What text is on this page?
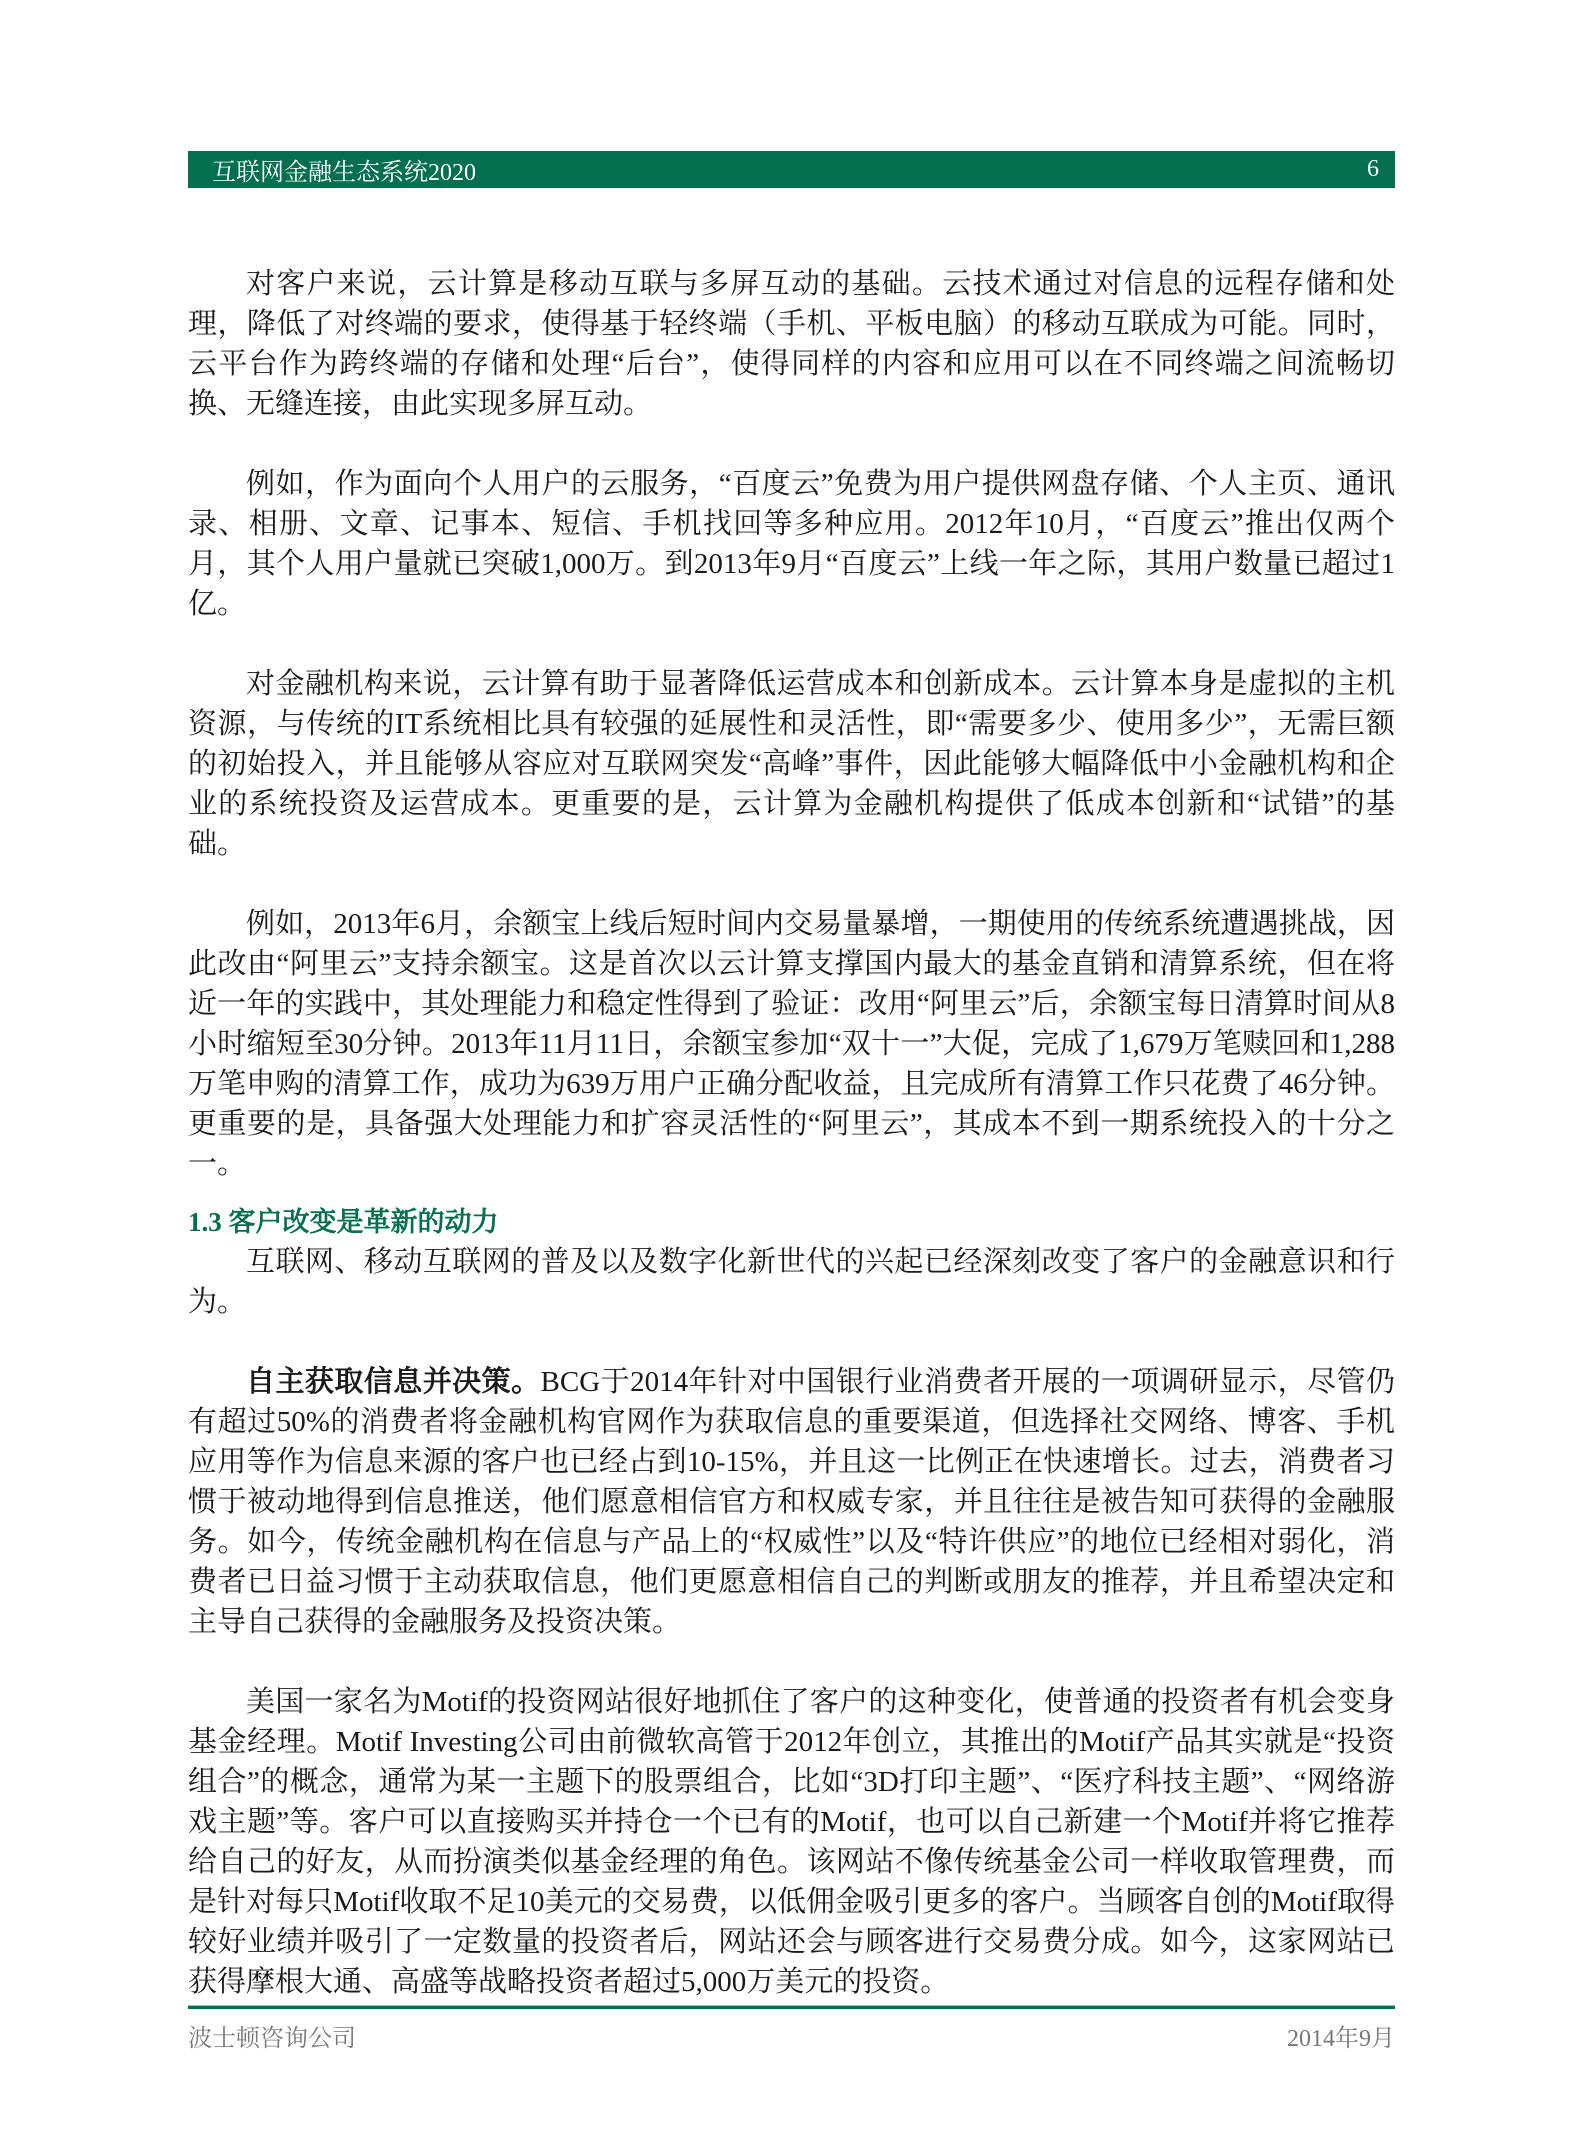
互联网金融生态系统2020	6

对客户来说，云计算是移动互联与多屏互动的基础。云技术通过对信息的远程存储和处理，降低了对终端的要求，使得基于轻终端（手机、平板电脑）的移动互联成为可能。同时，云平台作为跨终端的存储和处理“后台”，使得同样的内容和应用可以在不同终端之间流畅切换、无缝连接，由此实现多屏互动。

例如，作为面向个人用户的云服务，“百度云”免费为用户提供网盘存储、个人主页、通讯录、相册、文章、记事本、短信、手机找回等多种应用。2012年10月，“百度云”推出仅两个月，其个人用户量就已突破1,000万。到2013年9月“百度云”上线一年之际，其用户数量已超过1亿。

对金融机构来说，云计算有助于显著降低运营成本和创新成本。云计算本身是虚拟的主机资源，与传统的IT系统相比具有较强的延展性和灵活性，即“需要多少、使用多少”，无需巨额的初始投入，并且能够从容应对互联网突发“高峰”事件，因此能够大幅降低中小金融机构和企业的系统投资及运营成本。更重要的是，云计算为金融机构提供了低成本创新和“试错”的基础。

例如，2013年6月，余额宝上线后短时间内交易量暴增，一期使用的传统系统遭遇挑战，因此改由“阿里云”支持余额宝。这是首次以云计算支撑国内最大的基金直销和清算系统，但在将近一年的实践中，其处理能力和稳定性得到了验证：改用“阿里云”后，余额宝每日清算时间从8小时缩短至30分钟。2013年11月11日，余额宝参加“双十一”大促，完成了1,679万笔赎回和1,288万笔申购的清算工作，成功为639万用户正确分配收益，且完成所有清算工作只花费了46分钟。更重要的是，具备强大处理能力和扩容灵活性的“阿里云”，其成本不到一期系统投入的十分之一。

1.3 客户改变是革新的动力

互联网、移动互联网的普及以及数字化新世代的兴起已经深刻改变了客户的金融意识和行为。

自主获取信息并决策。BCG于2014年针对中国银行业消费者开展的一项调研显示，尽管仍有超过50%的消费者将金融机构官网作为获取信息的重要渠道，但选择社交网络、博客、手机应用等作为信息来源的客户也已经占到10-15%，并且这一比例正在快速增长。过去，消费者习惯于被动地得到信息推送，他们愿意相信官方和权威专家，并且往往是被告知可获得的金融服务。如今，传统金融机构在信息与产品上的“权威性”以及“特许供应”的地位已经相对弱化，消费者已日益习惯于主动获取信息，他们更愿意相信自己的判断或朋友的推荐，并且希望决定和主导自己获得的金融服务及投资决策。

美国一家名为Motif的投资网站很好地抓住了客户的这种变化，使普通的投资者有机会变身基金经理。Motif Investing公司由前微软高管于2012年创立，其推出的Motif产品其实就是“投资组合”的概念，通常为某一主题下的股票组合，比如“3D打印主题”、“医疗科技主题”、“网络游戏主题”等。客户可以直接购买并持仓一个已有的Motif，也可以自己新建一个Motif并将它推荐给自己的好友，从而扮演类似基金经理的角色。该网站不像传统基金公司一样收取管理费，而是针对每只Motif收取不足10美元的交易费，以低佣金吸引更多的客户。当顾客自创的Motif取得较好业绩并吸引了一定数量的投资者后，网站还会与顾客进行交易费分成。如今，这家网站已获得摩根大通、高盛等战略投资者超过5,000万美元的投资。

波士顿咨询公司	2014年9月
